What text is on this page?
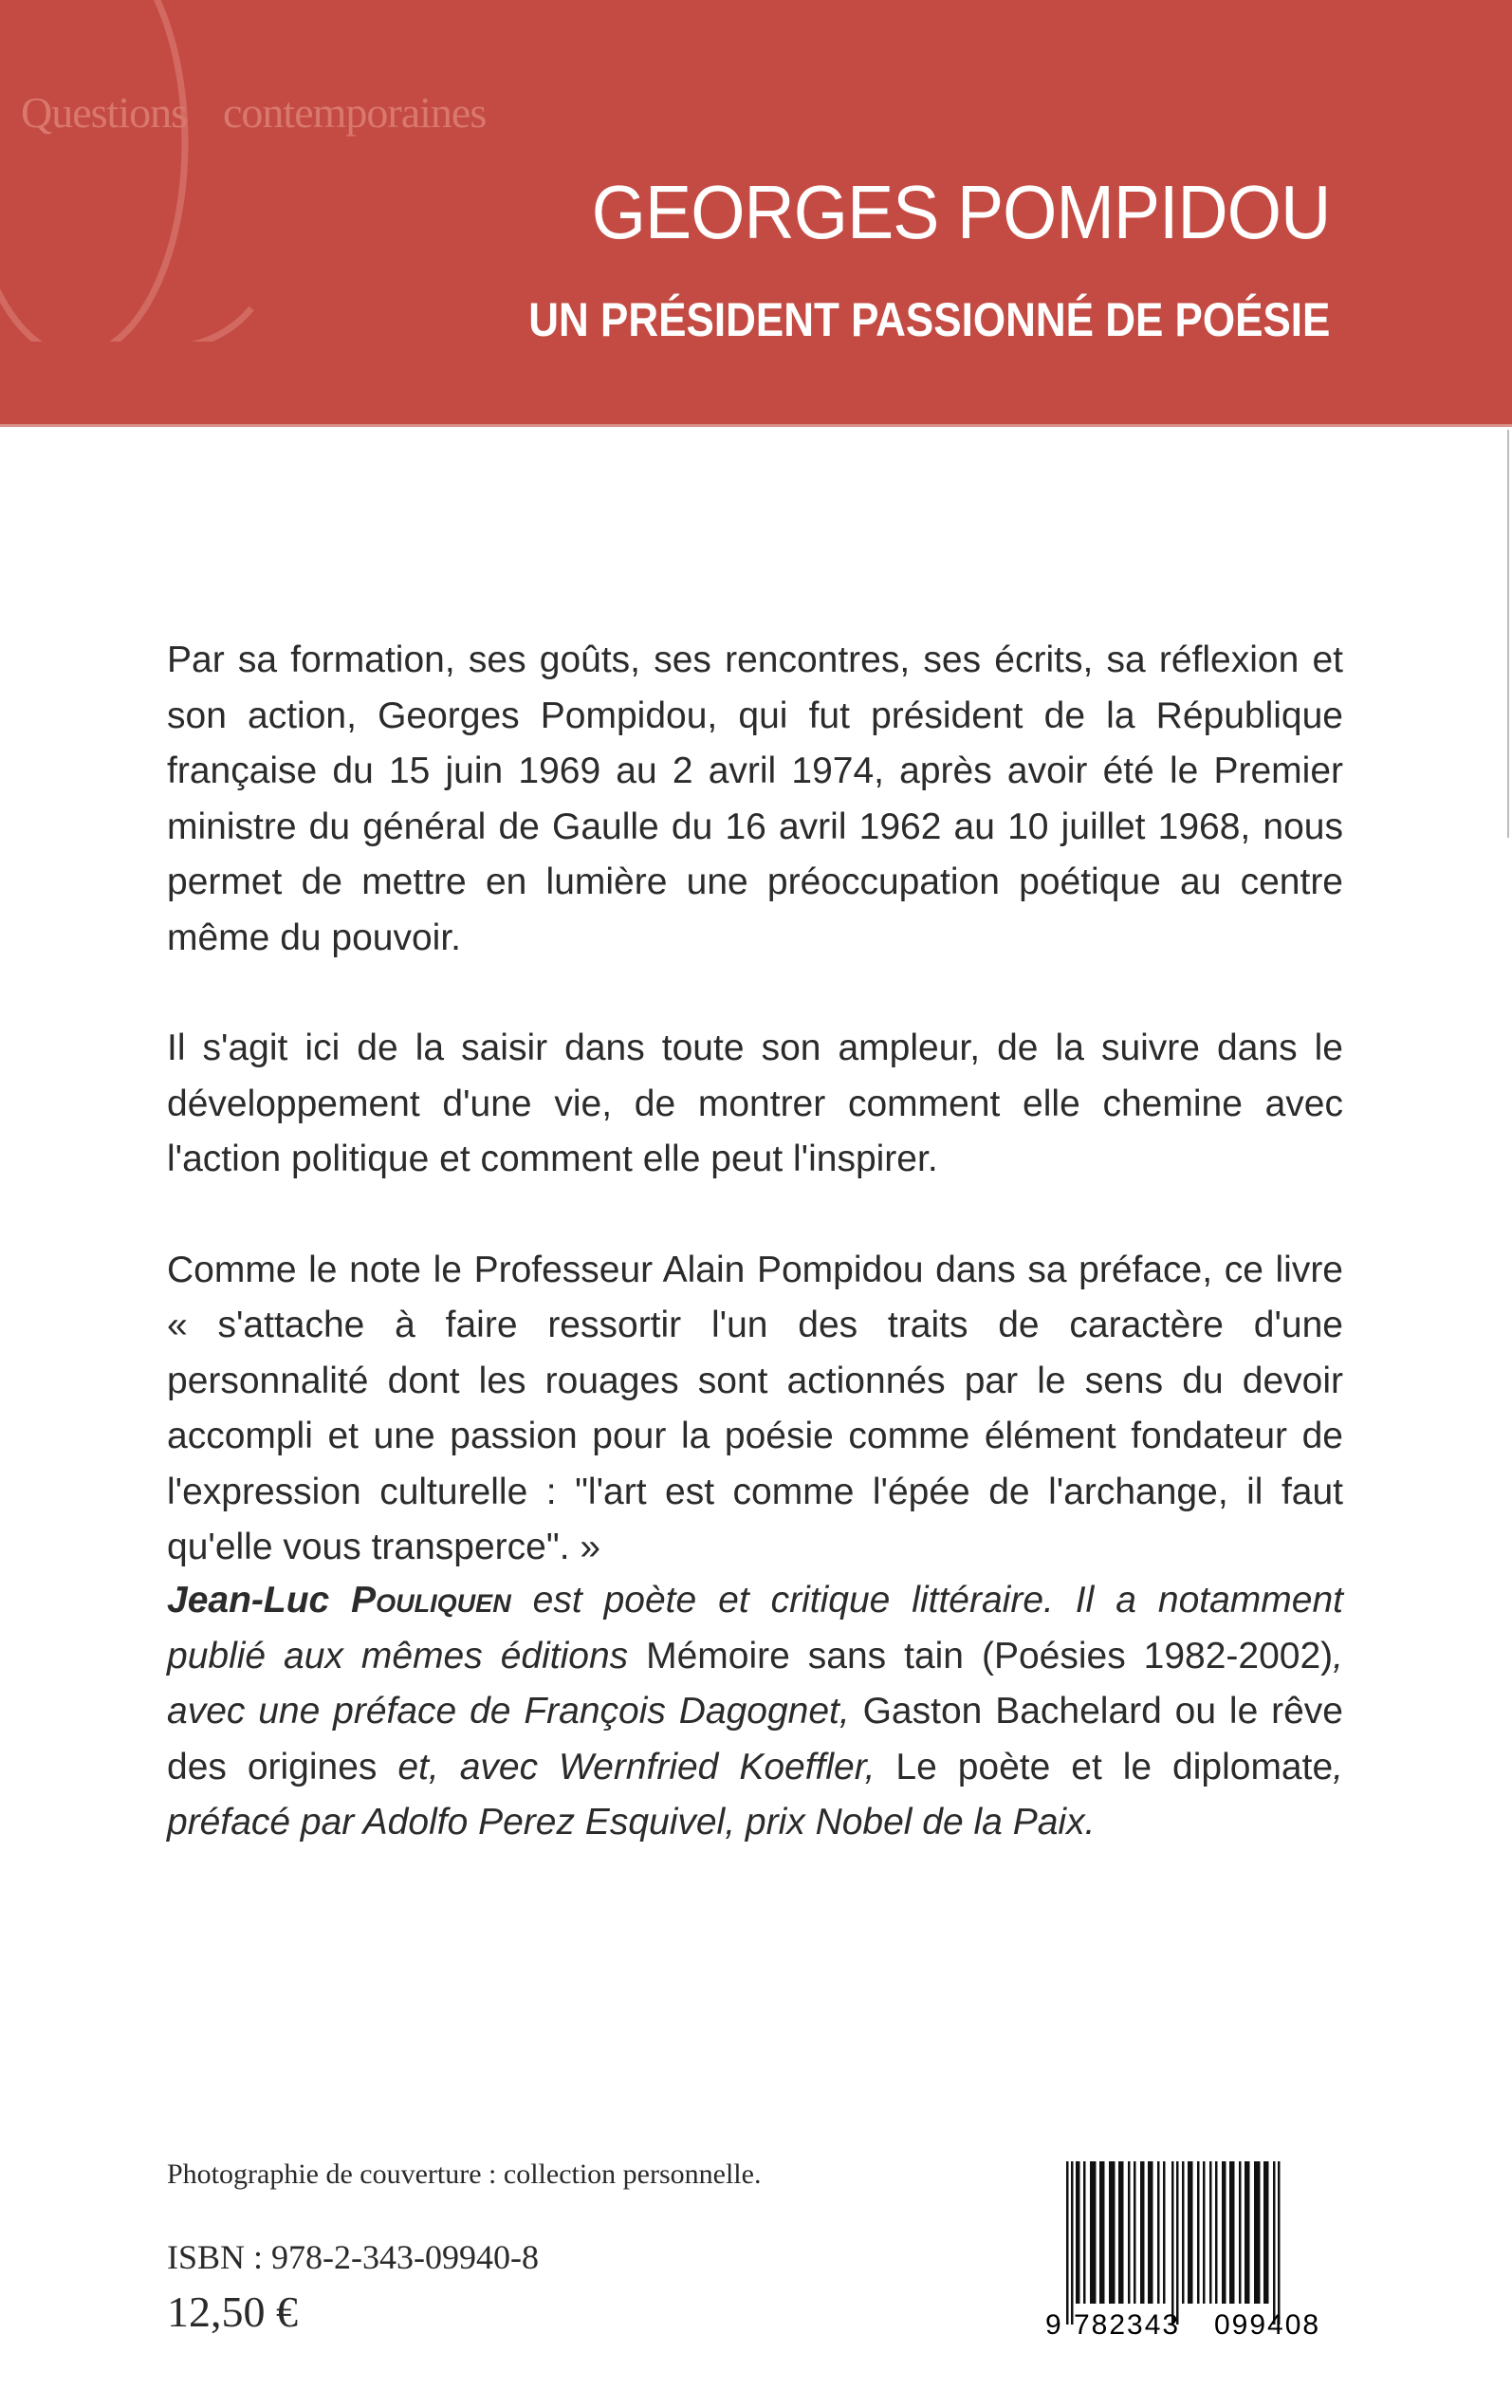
Questions contemporaines
GEORGES POMPIDOU
UN PRÉSIDENT PASSIONNÉ DE POÉSIE

Par sa formation, ses goûts, ses rencontres, ses écrits, sa réflexion et son action, Georges Pompidou, qui fut président de la République française du 15 juin 1969 au 2 avril 1974, après avoir été le Premier ministre du général de Gaulle du 16 avril 1962 au 10 juillet 1968, nous permet de mettre en lumière une préoccupation poétique au centre même du pouvoir.

Il s'agit ici de la saisir dans toute son ampleur, de la suivre dans le développement d'une vie, de montrer comment elle chemine avec l'action politique et comment elle peut l'inspirer.

Comme le note le Professeur Alain Pompidou dans sa préface, ce livre « s'attache à faire ressortir l'un des traits de caractère d'une personnalité dont les rouages sont actionnés par le sens du devoir accompli et une passion pour la poésie comme élément fondateur de l'expression culturelle : "l'art est comme l'épée de l'archange, il faut qu'elle vous transperce". »

Jean-Luc Pouliquen est poète et critique littéraire. Il a notamment publié aux mêmes éditions Mémoire sans tain (Poésies 1982-2002), avec une préface de François Dagognet, Gaston Bachelard ou le rêve des origines et, avec Wernfried Koeffler, Le poète et le diplomate, préfacé par Adolfo Perez Esquivel, prix Nobel de la Paix.
Photographie de couverture : collection personnelle.
ISBN : 978-2-343-09940-8
12,50 €	9 782343 099408
